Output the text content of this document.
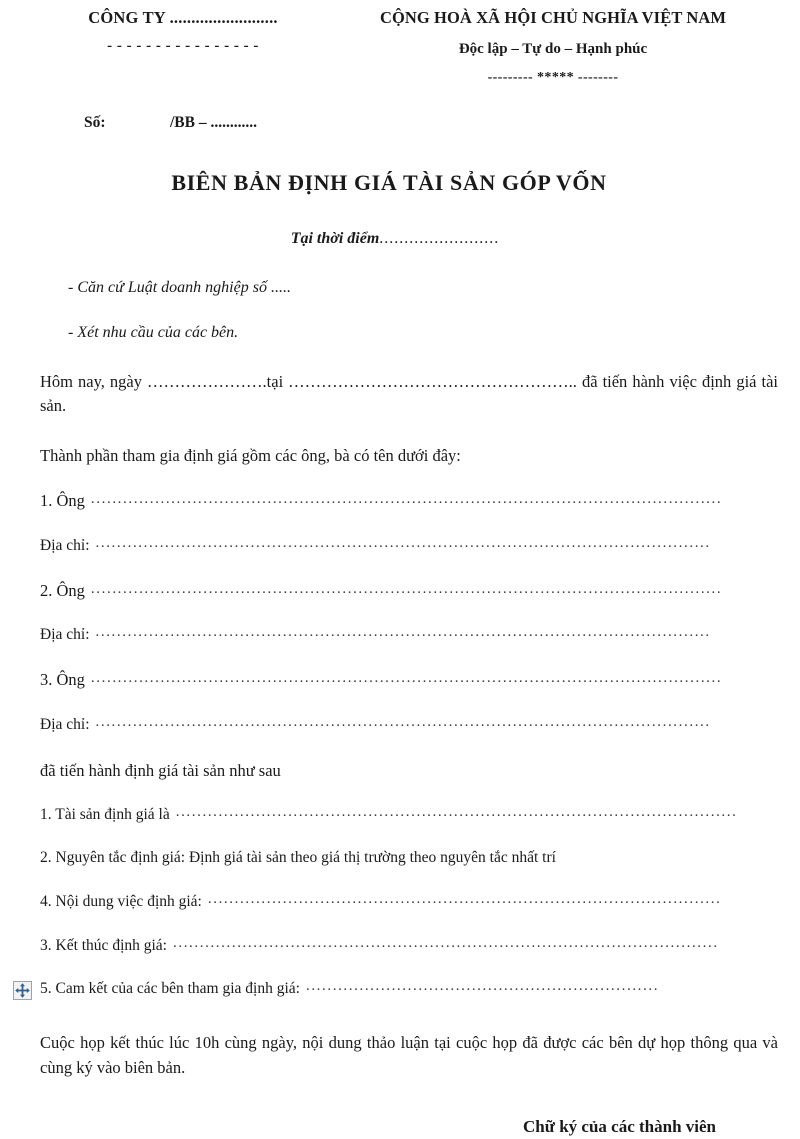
CÔNG TY .........................
- - - - - - - - - - - - - - - -
CỘNG HOÀ XÃ HỘI CHỦ NGHĨA VIỆT NAM
Độc lập – Tự do – Hạnh phúc
--------- ***** --------
Số:	/BB – ............
BIÊN BẢN ĐỊNH GIÁ TÀI SẢN GÓP VỐN
Tại thời điểm........................
- Căn cứ Luật doanh nghiệp số .....
- Xét nhu cầu của các bên.
Hôm nay, ngày ………………….tại …………………………………………….. đã tiến hành việc định giá tài sản.
Thành phần tham gia định giá gồm các ông, bà có tên dưới đây:
1. Ông ......................................................................................................................
Địa chỉ: ...................................................................................................................
2. Ông ......................................................................................................................
Địa chỉ: ...................................................................................................................
3. Ông ......................................................................................................................
Địa chỉ: ...................................................................................................................
đã tiến hành định giá tài sản như sau
1. Tài sản định giá là .........................................................................................................
2. Nguyên tắc định giá: Định giá tài sản theo giá thị trường theo nguyên tắc nhất trí
4. Nội dung việc định giá: ................................................................................................
3. Kết thúc định giá: ......................................................................................................
5. Cam kết của các bên tham gia định giá: ..................................................................
Cuộc họp kết thúc lúc 10h cùng ngày, nội dung thảo luận tại cuộc họp đã được các bên dự họp thông qua và cùng ký vào biên bản.
Chữ ký của các thành viên
